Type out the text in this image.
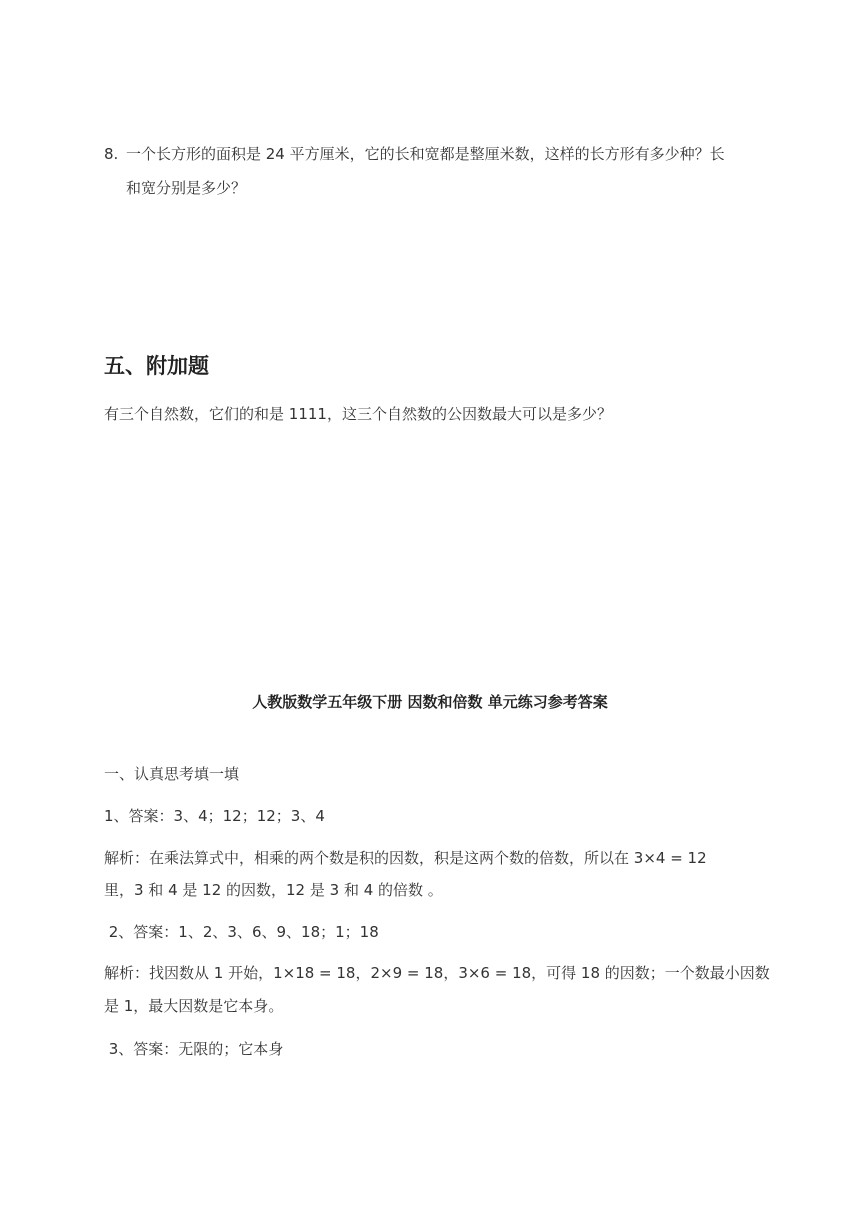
8. 一个长方形的面积是 24 平方厘米，它的长和宽都是整厘米数，这样的长方形有多少种？长
和宽分别是多少？
五、附加题
有三个自然数，它们的和是 1111，这三个自然数的公因数最大可以是多少？
人教版数学五年级下册 因数和倍数 单元练习参考答案
一、认真思考填一填
1、答案：3、4；12；12；3、4
解析：在乘法算式中，相乘的两个数是积的因数，积是这两个数的倍数，所以在 3×4 = 12
里，3 和 4 是 12 的因数，12 是 3 和 4 的倍数 。
2、答案：1、2、3、6、9、18；1；18
解析：找因数从 1 开始，1×18 = 18，2×9 = 18，3×6 = 18，可得 18 的因数；一个数最小因数
是 1，最大因数是它本身。
3、答案：无限的；它本身
